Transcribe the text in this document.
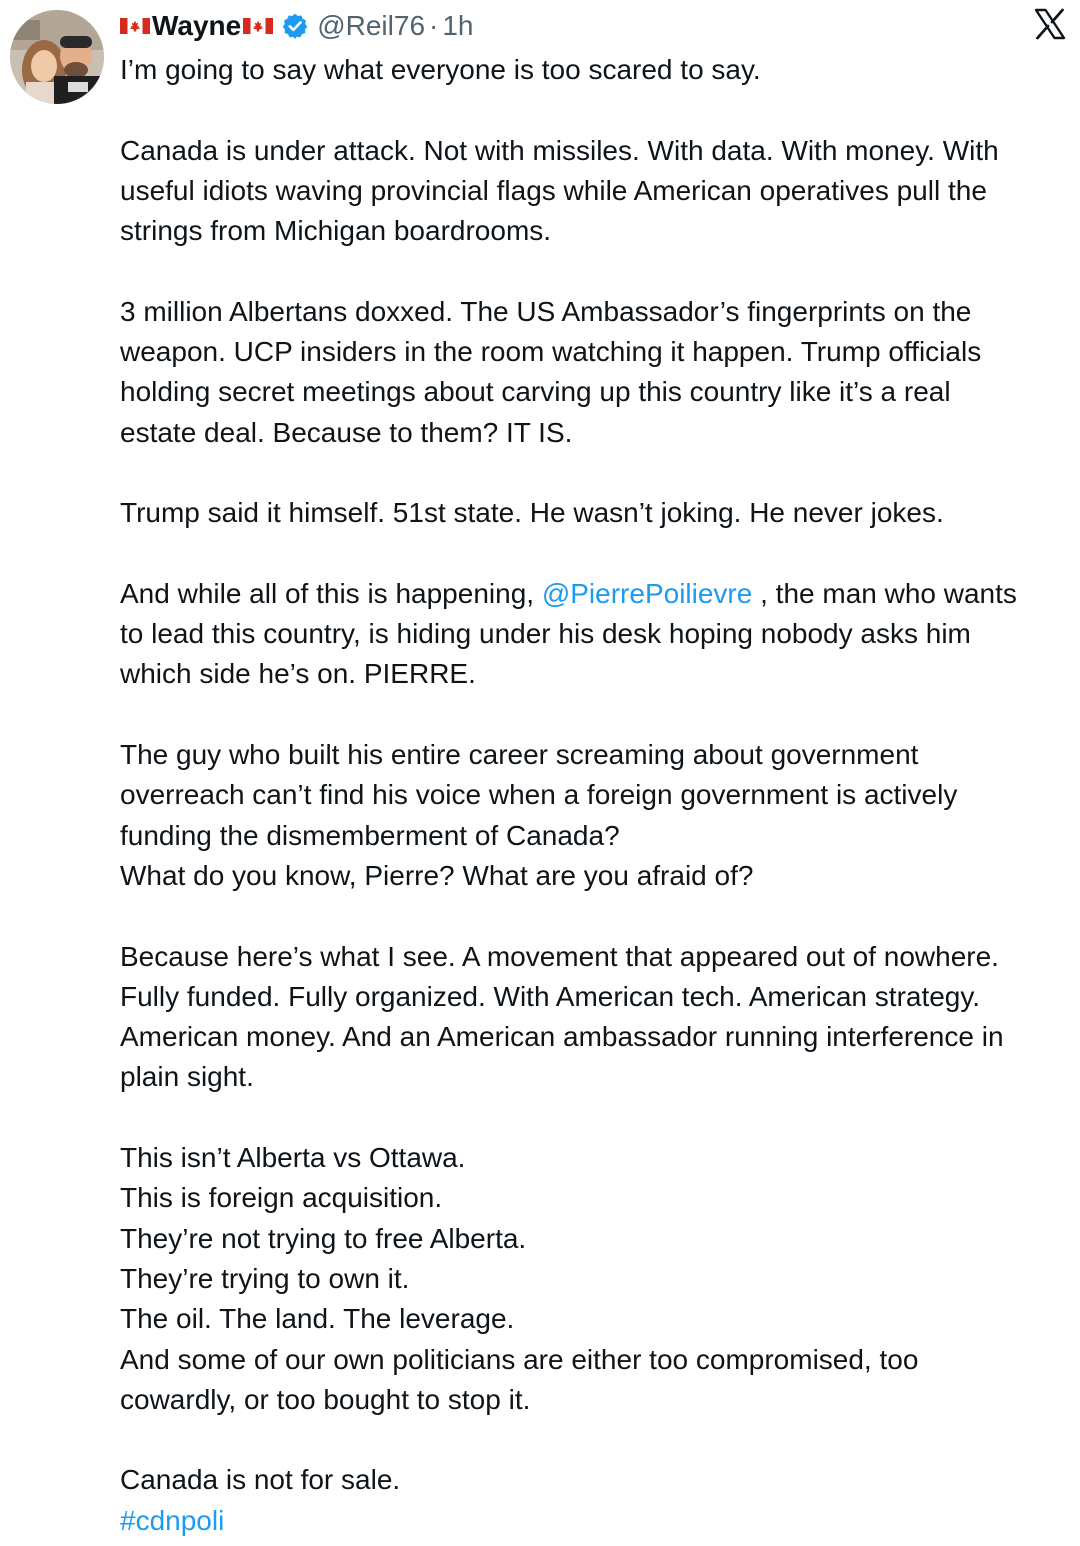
Wayne	@Reil76 · 1h
I’m going to say what everyone is too scared to say.
Canada is under attack. Not with missiles. With data. With money. With
useful idiots waving provincial flags while American operatives pull the
strings from Michigan boardrooms.
3 million Albertans doxxed. The US Ambassador’s fingerprints on the
weapon. UCP insiders in the room watching it happen. Trump officials
holding secret meetings about carving up this country like it’s a real
estate deal. Because to them? IT IS.
Trump said it himself. 51st state. He wasn’t joking. He never jokes.
And while all of this is happening, @PierrePoilievre , the man who wants
to lead this country, is hiding under his desk hoping nobody asks him
which side he’s on. PIERRE.
The guy who built his entire career screaming about government
overreach can’t find his voice when a foreign government is actively
funding the dismemberment of Canada?
What do you know, Pierre? What are you afraid of?
Because here’s what I see. A movement that appeared out of nowhere.
Fully funded. Fully organized. With American tech. American strategy.
American money. And an American ambassador running interference in
plain sight.
This isn’t Alberta vs Ottawa.
This is foreign acquisition.
They’re not trying to free Alberta.
They’re trying to own it.
The oil. The land. The leverage.
And some of our own politicians are either too compromised, too
cowardly, or too bought to stop it.
Canada is not for sale.
#cdnpoli
